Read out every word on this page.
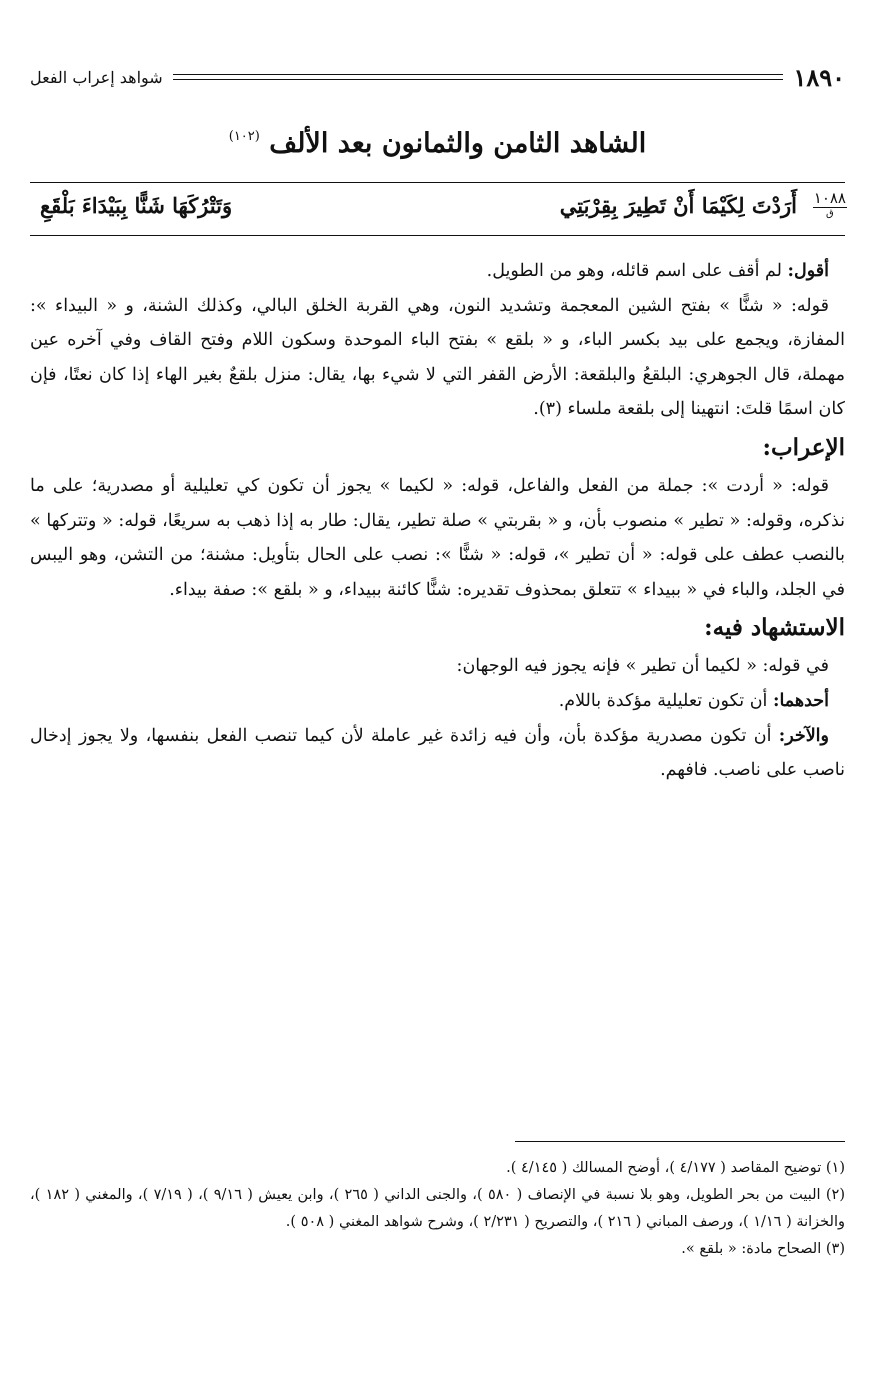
١٨٩٠
شواهد إعراب الفعل
الشاهد الثامن والثمانون بعد الألف $^{(١٠٢)}$
١٠٨٨
ق
أَرَدْتَ لِكَيْمَا أَنْ تَطِيرَ بِقِرْبَتِي
وَتَتْرُكَهَا شَنًّا بِبَيْدَاءَ بَلْقَعِ

أقول: لم أقف على اسم قائله، وهو من الطويل.

قوله: « شنًّا » بفتح الشين المعجمة وتشديد النون، وهي القربة الخلق البالي، وكذلك الشنة، و « البيداء »: المفازة، ويجمع على بيد بكسر الباء، و « بلقع » بفتح الباء الموحدة وسكون اللام وفتح القاف وفي آخره عين مهملة، قال الجوهري: البلقعُ والبلقعة: الأرض القفر التي لا شيء بها، يقال: منزل بلقعٌ بغير الهاء إذا كان نعتًا، فإن كان اسمًا قلتَ: انتهينا إلى بلقعة ملساء (٣).

الإعراب:

قوله: « أردت »: جملة من الفعل والفاعل، قوله: « لكيما » يجوز أن تكون كي تعليلية أو مصدرية؛ على ما نذكره، وقوله: « تطير » منصوب بأن، و « بقربتي » صلة تطير، يقال: طار به إذا ذهب به سريعًا، قوله: « وتتركها » بالنصب عطف على قوله: « أن تطير »، قوله: « شنًّا »: نصب على الحال بتأويل: مشنة؛ من التشن، وهو اليبس في الجلد، والباء في « ببيداء » تتعلق بمحذوف تقديره: شنًّا كائنة ببيداء، و « بلقع »: صفة بيداء.

الاستشهاد فيه:

في قوله: « لكيما أن تطير » فإنه يجوز فيه الوجهان:

أحدهما: أن تكون تعليلية مؤكدة باللام.

والآخر: أن تكون مصدرية مؤكدة بأن، وأن فيه زائدة غير عاملة لأن كيما تنصب الفعل بنفسها، ولا يجوز إدخال ناصب على ناصب. فافهم.

(١) توضيح المقاصد ( ٤/١٧٧ )، أوضح المسالك ( ٤/١٤٥ ).

(٢) البيت من بحر الطويل، وهو بلا نسبة في الإنصاف ( ٥٨٠ )، والجنى الداني ( ٢٦٥ )، وابن يعيش ( ٩/١٦ )، ( ٧/١٩ )، والمغني ( ١٨٢ )، والخزانة ( ١/١٦ )، ورصف المباني ( ٢١٦ )، والتصريح ( ٢/٢٣١ )، وشرح شواهد المغني ( ٥٠٨ ).

(٣) الصحاح مادة: « بلقع ».
